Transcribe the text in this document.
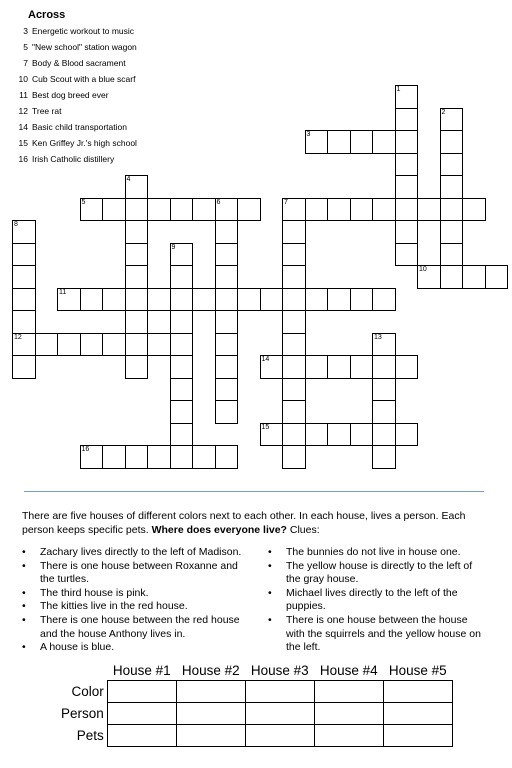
1
2
3
4
5	6	7
8
12
9
10
11
13
14
15
16
Across
3 Energetic workout to music
5 "New school" station wagon
7 Body & Blood sacrament
10 Cub Scout with a blue scarf
11 Best dog breed ever
12 Tree rat
14 Basic child transportation
15 Ken Griffey Jr.'s high school
16 Irish Catholic distillery
There are five houses of different colors next to each other. In each house, lives a person. Each person keeps specific pets. Where does everyone live? Clues:
• Zachary lives directly to the left of Madison.
• There is one house between Roxanne and the turtles.
• The third house is pink.
• The kitties live in the red house.
• There is one house between the red house and the house Anthony lives in.
• A house is blue.
• The bunnies do not live in house one.
• The yellow house is directly to the left of the gray house.
• Michael lives directly to the left of the puppies.
• There is one house between the house with the squirrels and the yellow house on the left.
	House #1	House #2	House #3	House #4	House #5
Color					
Person					
Pets					
